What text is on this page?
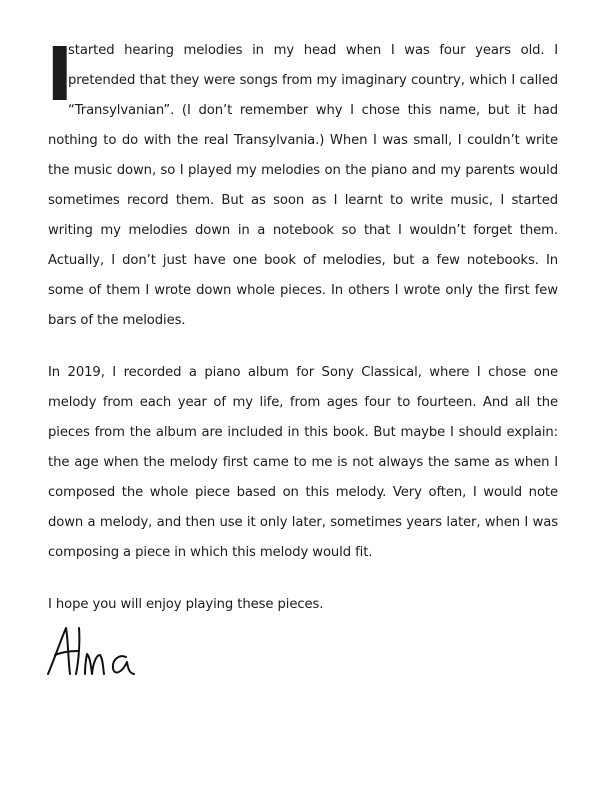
I

started hearing melodies in my head when I was four years old. I pretended that they were songs from my imaginary country, which I called “Transylvanian”. (I don’t remember why I chose this name, but it had nothing to do with the real Transylvania.) When I was small, I couldn’t write the music down, so I played my melodies on the piano and my parents would sometimes record them. But as soon as I learnt to write music, I started writing my melodies down in a notebook so that I wouldn’t forget them. Actually, I don’t just have one book of melodies, but a few notebooks. In some of them I wrote down whole pieces. In others I wrote only the first few bars of the melodies.

In 2019, I recorded a piano album for Sony Classical, where I chose one melody from each year of my life, from ages four to fourteen. And all the pieces from the album are included in this book. But maybe I should explain: the age when the melody first came to me is not always the same as when I composed the whole piece based on this melody. Very often, I would note down a melody, and then use it only later, sometimes years later, when I was composing a piece in which this melody would fit.

I hope you will enjoy playing these pieces.
